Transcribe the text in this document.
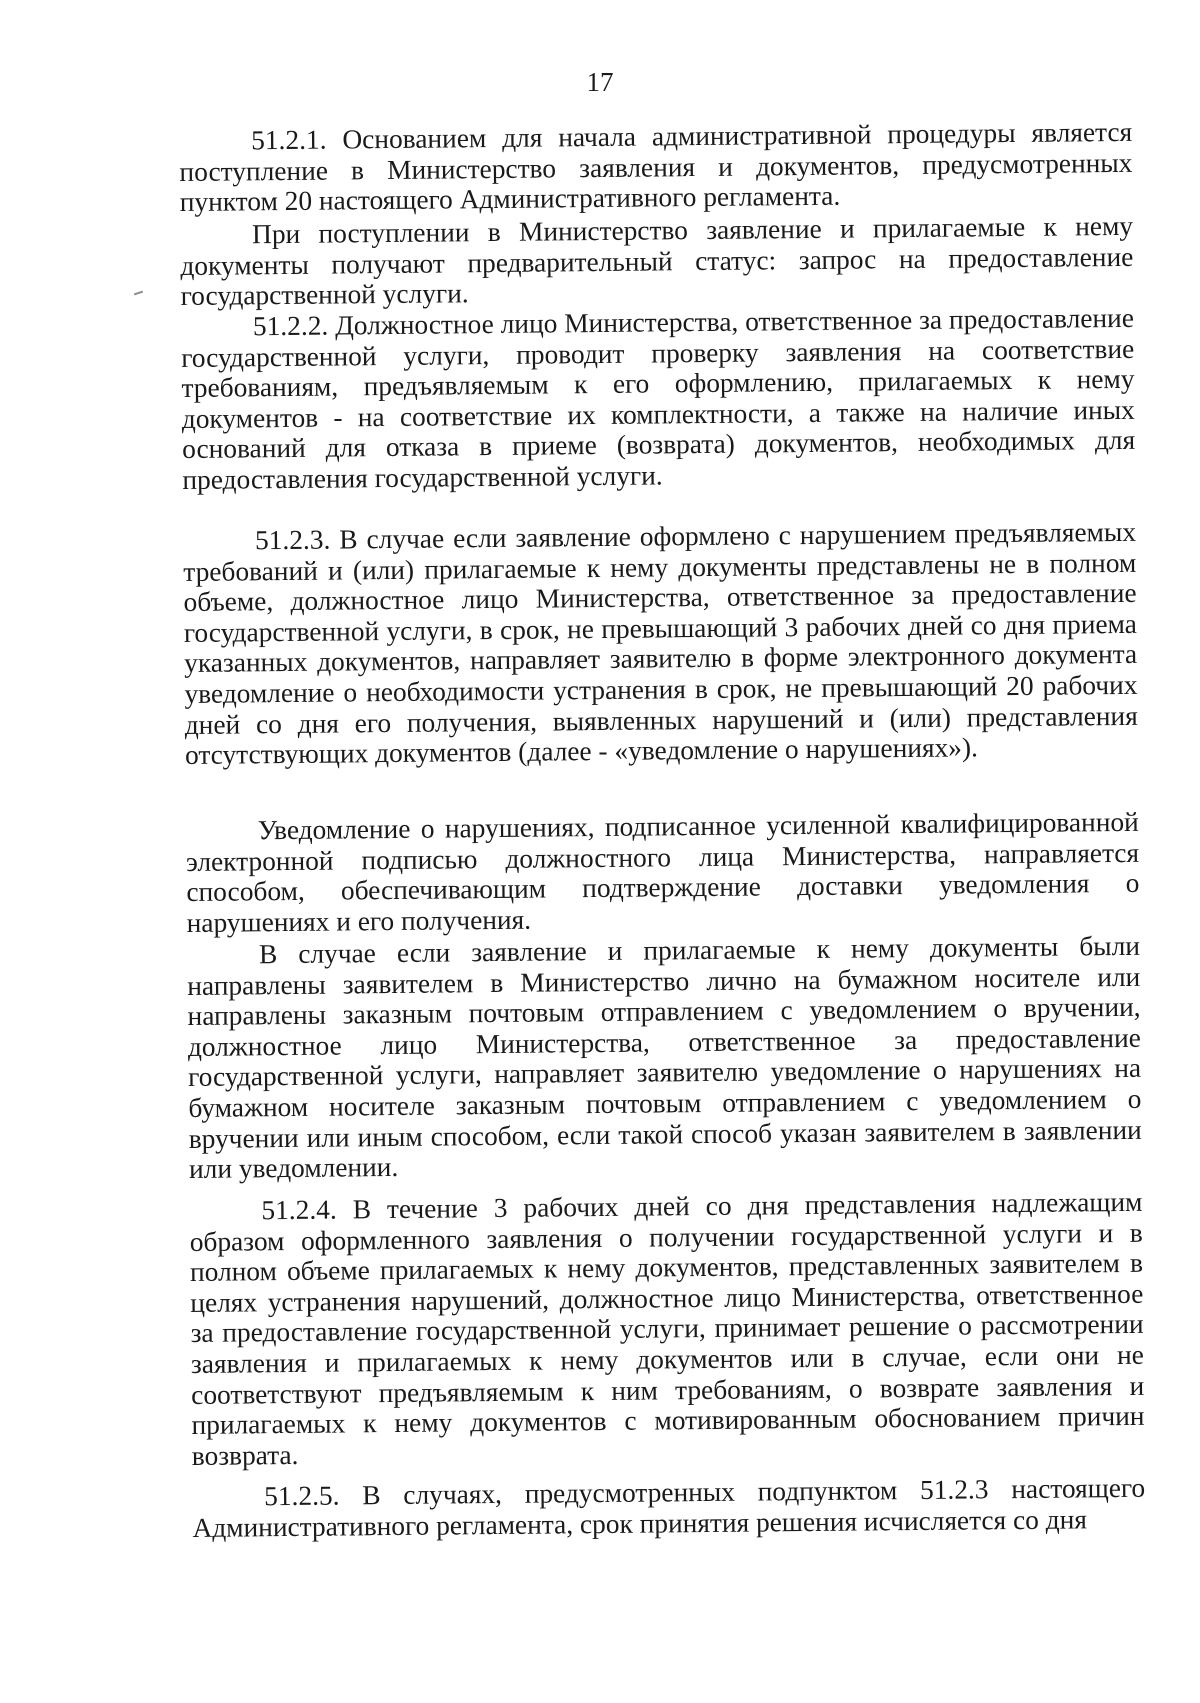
17

51.2.1. Основанием для начала административной процедуры является поступление в Министерство заявления и документов, предусмотренных пунктом 20 настоящего Административного регламента.

При поступлении в Министерство заявление и прилагаемые к нему документы получают предварительный статус: запрос на предоставление государственной услуги.

51.2.2. Должностное лицо Министерства, ответственное за предоставление государственной услуги, проводит проверку заявления на соответствие требованиям, предъявляемым к его оформлению, прилагаемых к нему документов - на соответствие их комплектности, а также на наличие иных оснований для отказа в приеме (возврата) документов, необходимых для предоставления государственной услуги.

51.2.3. В случае если заявление оформлено с нарушением предъявляемых требований и (или) прилагаемые к нему документы представлены не в полном объеме, должностное лицо Министерства, ответственное за предоставление государственной услуги, в срок, не превышающий 3 рабочих дней со дня приема указанных документов, направляет заявителю в форме электронного документа уведомление о необходимости устранения в срок, не превышающий 20 рабочих дней со дня его получения, выявленных нарушений и (или) представления отсутствующих документов (далее - «уведомление о нарушениях»).

Уведомление о нарушениях, подписанное усиленной квалифицированной электронной подписью должностного лица Министерства, направляется способом, обеспечивающим подтверждение доставки уведомления о нарушениях и его получения.

В случае если заявление и прилагаемые к нему документы были направлены заявителем в Министерство лично на бумажном носителе или направлены заказным почтовым отправлением с уведомлением о вручении, должностное лицо Министерства, ответственное за предоставление государственной услуги, направляет заявителю уведомление о нарушениях на бумажном носителе заказным почтовым отправлением с уведомлением о вручении или иным способом, если такой способ указан заявителем в заявлении или уведомлении.

51.2.4. В течение 3 рабочих дней со дня представления надлежащим образом оформленного заявления о получении государственной услуги и в полном объеме прилагаемых к нему документов, представленных заявителем в целях устранения нарушений, должностное лицо Министерства, ответственное за предоставление государственной услуги, принимает решение о рассмотрении заявления и прилагаемых к нему документов или в случае, если они не соответствуют предъявляемым к ним требованиям, о возврате заявления и прилагаемых к нему документов с мотивированным обоснованием причин возврата.

51.2.5. В случаях, предусмотренных подпунктом 51.2.3 настоящего Административного регламента, срок принятия решения исчисляется со дня
